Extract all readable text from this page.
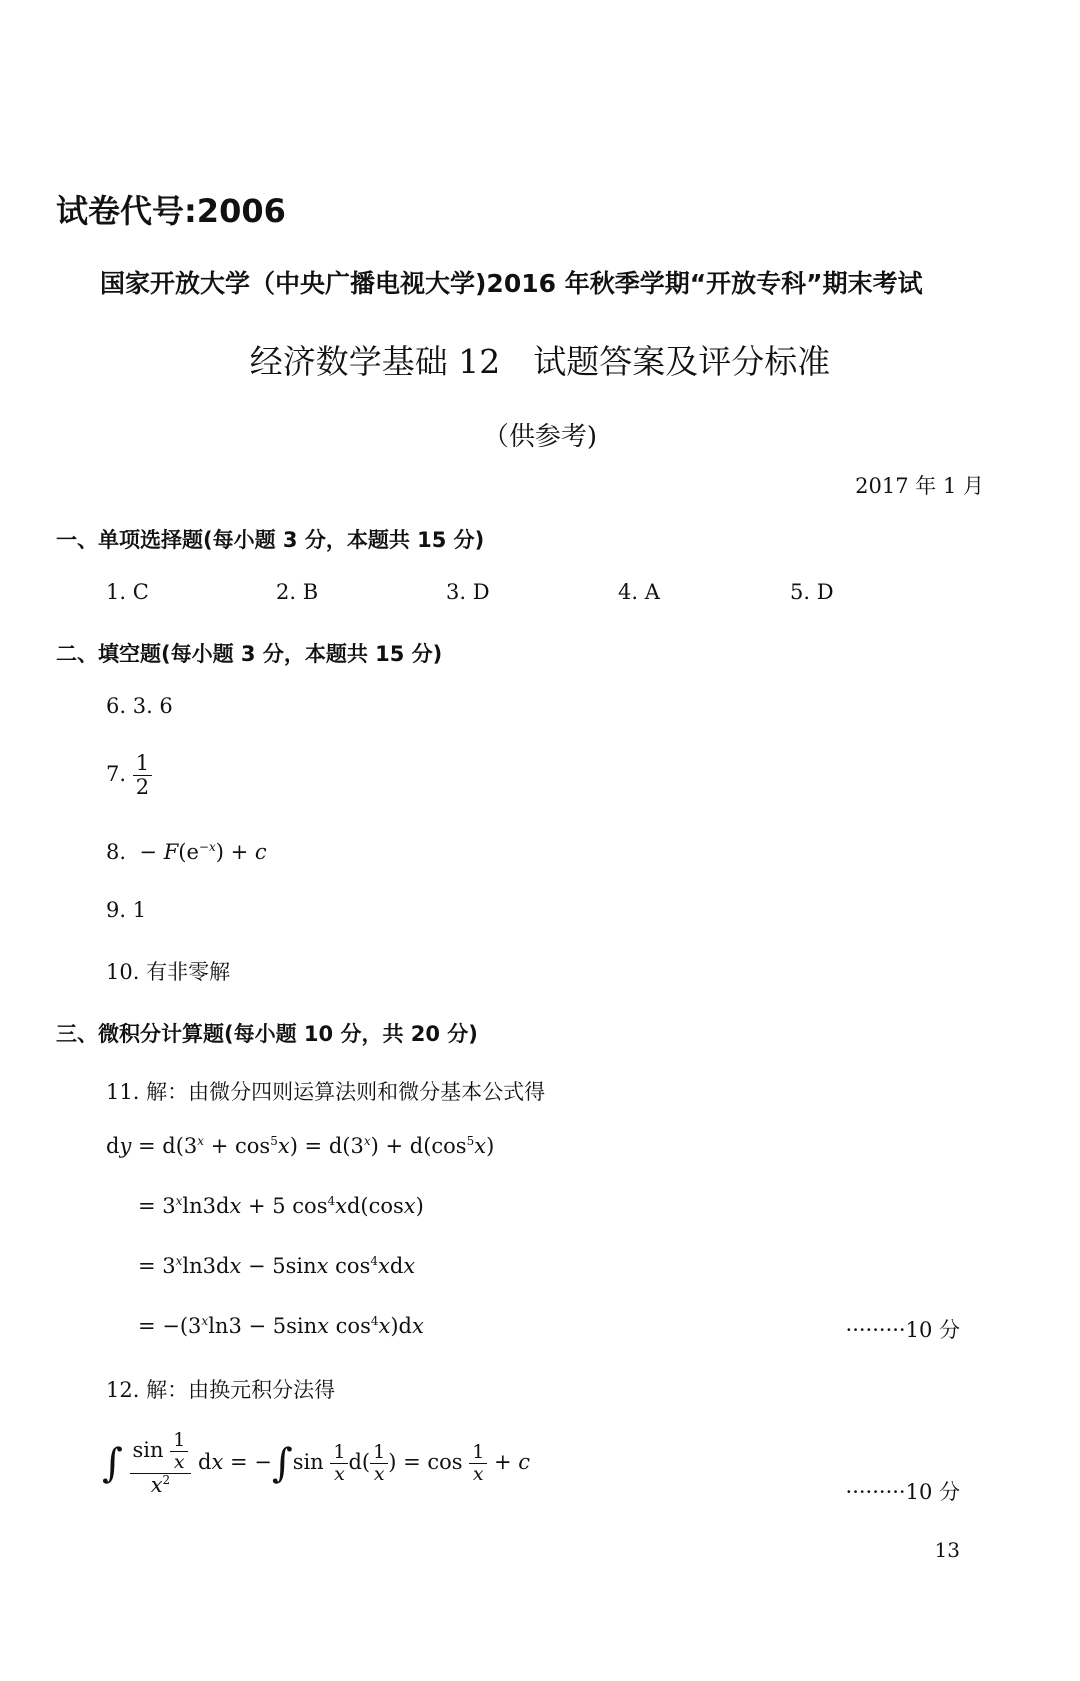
试卷代号:2006
国家开放大学（中央广播电视大学)2016 年秋季学期“开放专科”期末考试
经济数学基础 12　试题答案及评分标准
（供参考)
2017 年 1 月
一、单项选择题(每小题 3 分，本题共 15 分)
1. C	2. B	3. D	4. A	5. D
二、填空题(每小题 3 分，本题共 15 分)
6. 3. 6
7. $\frac{1}{2}$
8.  − $F(e^{-x}) + c$
9. 1
10. 有非零解
三、微积分计算题(每小题 10 分，共 20 分)
11. 解：由微分四则运算法则和微分基本公式得
dy = $d(3^x + \cos^5x) = d(3^x) + d(\cos^5x)$
= $3^x\ln 3dx + 5$ $\cos^4xd(\cos x)$
= $3^x\ln 3dx - 5\sin x$ $\cos^4xdx$
= $-(3^x\ln 3 - 5\sin x$ $\cos^4x)dx$	·········10 分
12. 解：由换元积分法得
∫ $\frac{\sin \frac{1}{x}}{x^2}$ dx = $-\int\sin \frac{1}{x} d( \frac{1}{x}$ ) = $\cos \frac{1}{x} + c$
·········10 分
13
